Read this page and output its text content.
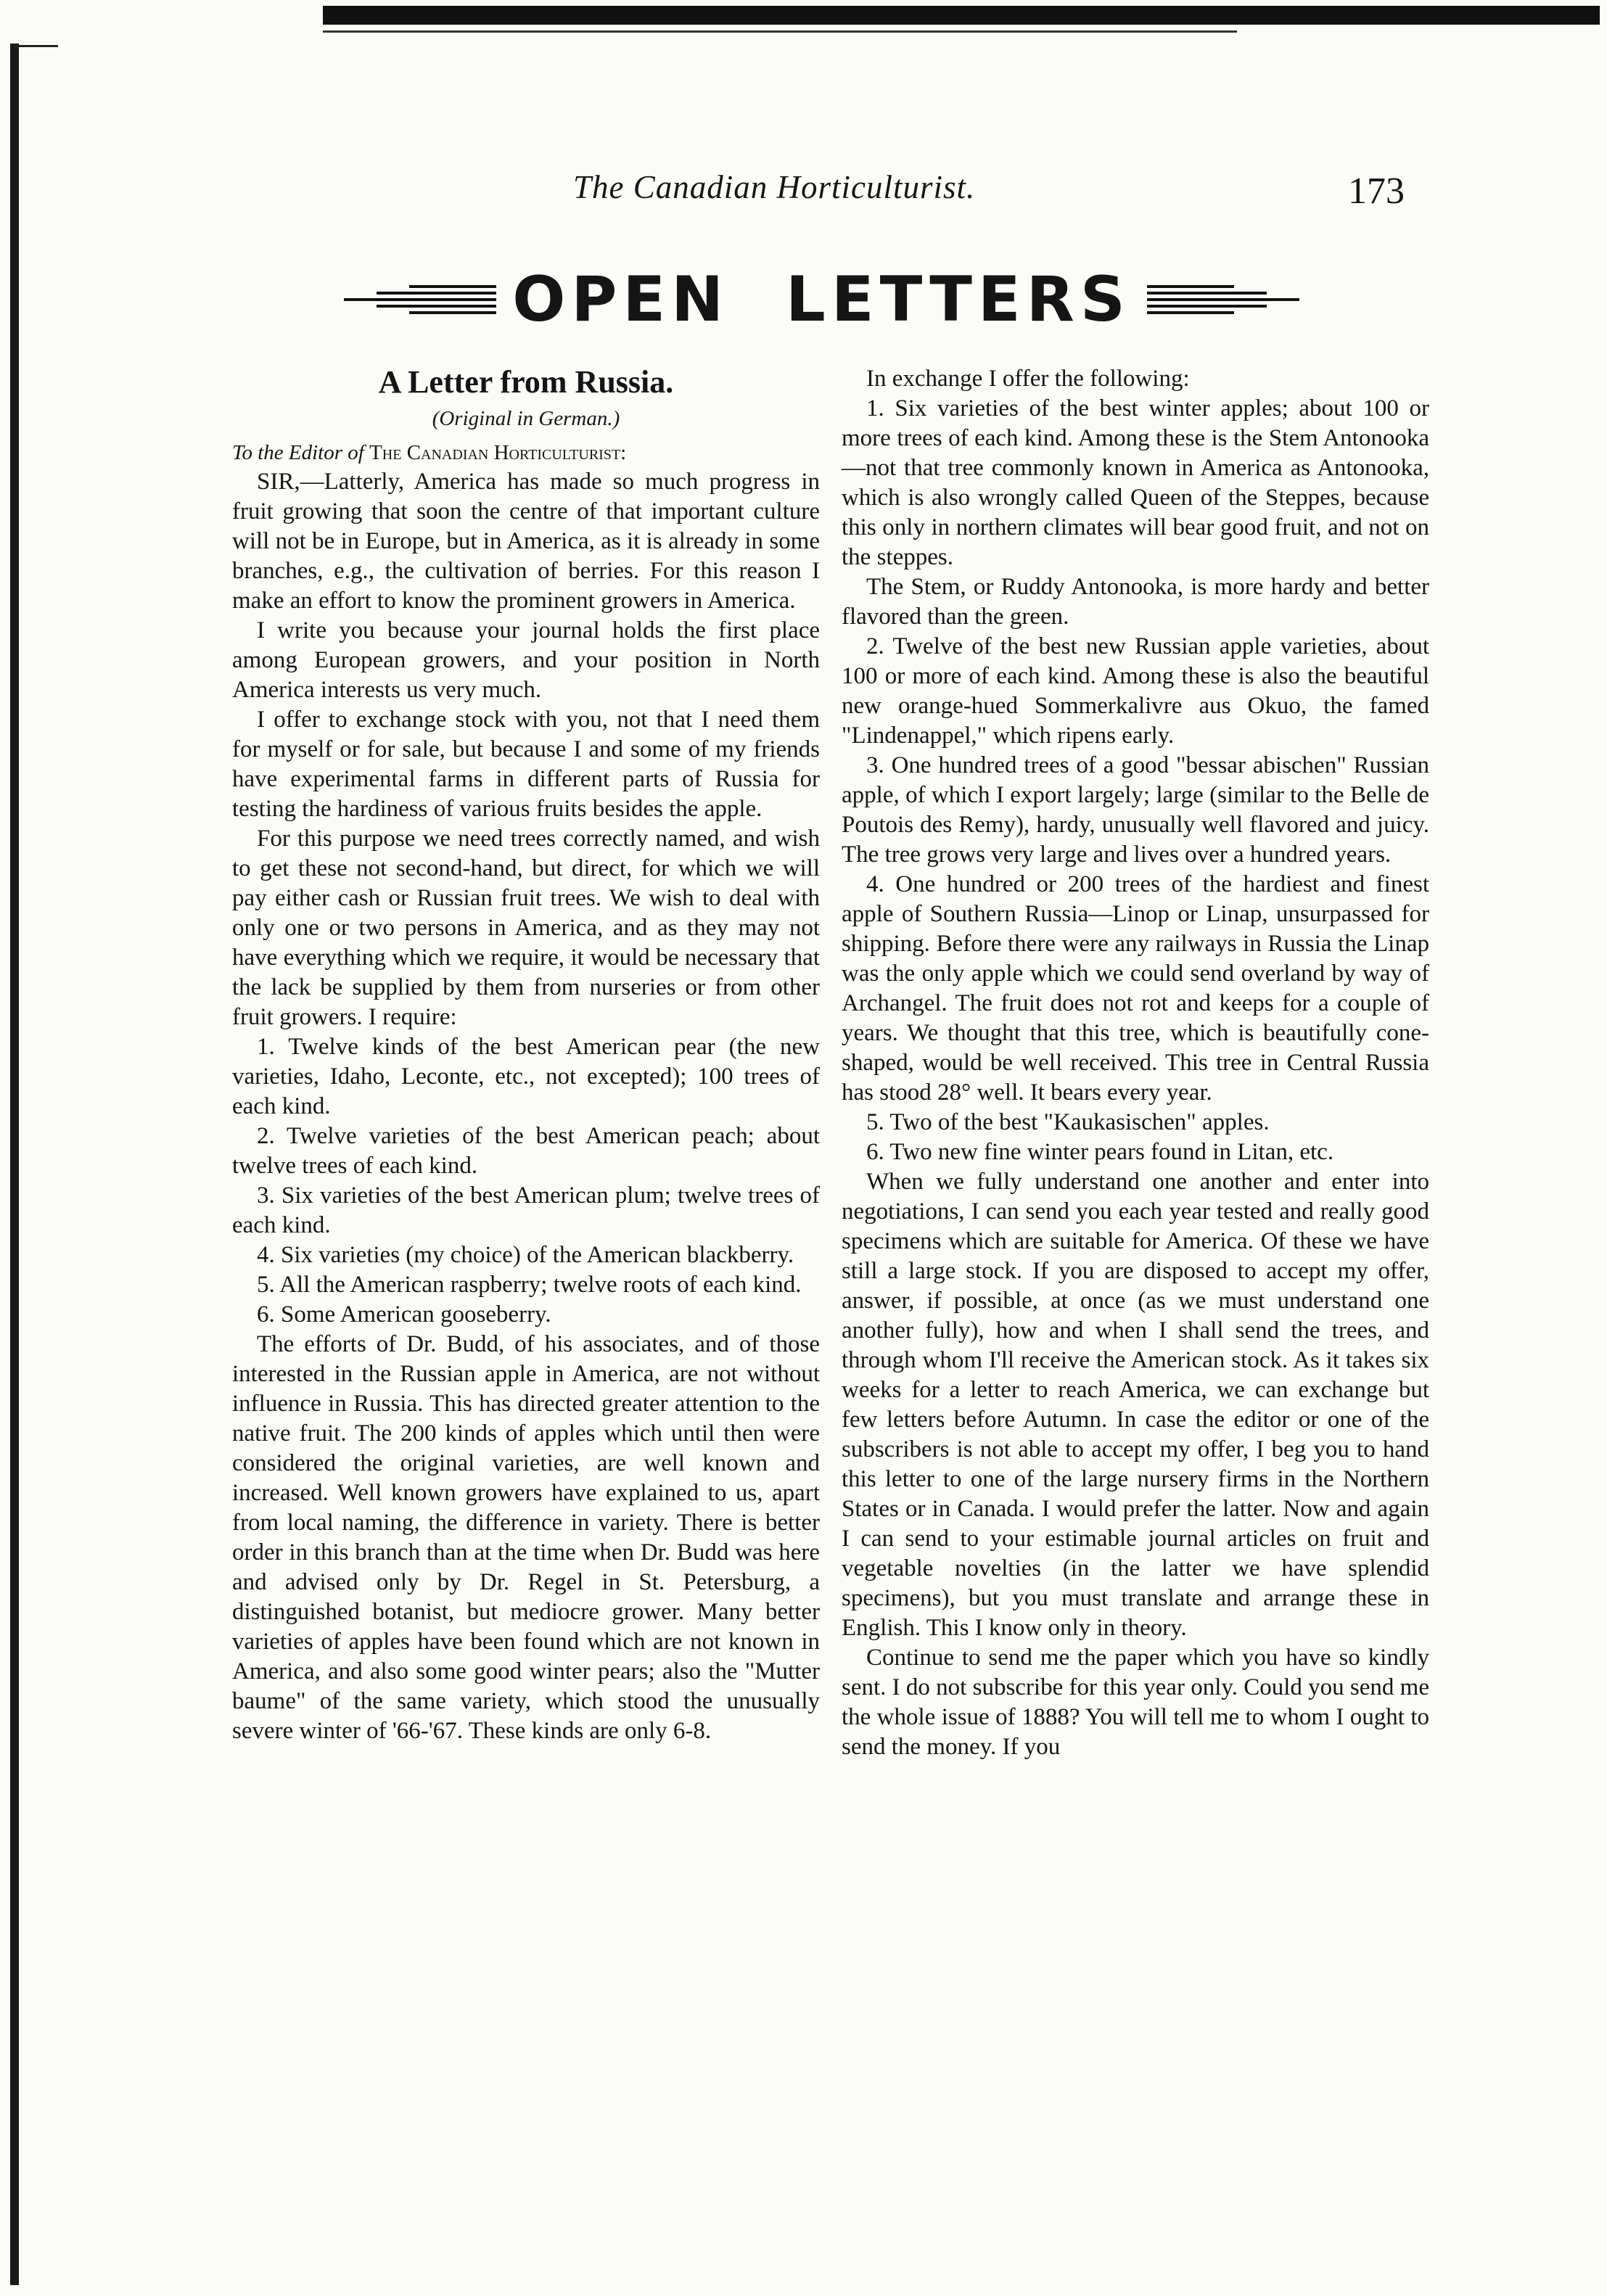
The Canadian Horticulturist.	173
OPEN LETTERS
A Letter from Russia.
(Original in German.)
To the Editor of The Canadian Horticulturist:

SIR,—Latterly, America has made so much progress in fruit growing that soon the centre of that important culture will not be in Europe, but in America, as it is already in some branches, e.g., the cultivation of berries. For this reason I make an effort to know the prominent growers in America.

I write you because your journal holds the first place among European growers, and your position in North America interests us very much.

I offer to exchange stock with you, not that I need them for myself or for sale, but because I and some of my friends have experimental farms in different parts of Russia for testing the hardiness of various fruits besides the apple.

For this purpose we need trees correctly named, and wish to get these not second-hand, but direct, for which we will pay either cash or Russian fruit trees. We wish to deal with only one or two persons in America, and as they may not have everything which we require, it would be necessary that the lack be supplied by them from nurseries or from other fruit growers. I require:

1. Twelve kinds of the best American pear (the new varieties, Idaho, Leconte, etc., not excepted); 100 trees of each kind.

2. Twelve varieties of the best American peach; about twelve trees of each kind.

3. Six varieties of the best American plum; twelve trees of each kind.

4. Six varieties (my choice) of the American blackberry.

5. All the American raspberry; twelve roots of each kind.

6. Some American gooseberry.

The efforts of Dr. Budd, of his associates, and of those interested in the Russian apple in America, are not without influence in Russia. This has directed greater attention to the native fruit. The 200 kinds of apples which until then were considered the original varieties, are well known and increased. Well known growers have explained to us, apart from local naming, the difference in variety. There is better order in this branch than at the time when Dr. Budd was here and advised only by Dr. Regel in St. Petersburg, a distinguished botanist, but mediocre grower. Many better varieties of apples have been found which are not known in America, and also some good winter pears; also the "Mutter baume" of the same variety, which stood the unusually severe winter of '66-'67. These kinds are only 6-8.

In exchange I offer the following:

1. Six varieties of the best winter apples; about 100 or more trees of each kind. Among these is the Stem Antonooka—not that tree commonly known in America as Antonooka, which is also wrongly called Queen of the Steppes, because this only in northern climates will bear good fruit, and not on the steppes.

The Stem, or Ruddy Antonooka, is more hardy and better flavored than the green.

2. Twelve of the best new Russian apple varieties, about 100 or more of each kind. Among these is also the beautiful new orange-hued Sommerkalivre aus Okuo, the famed "Lindenappel," which ripens early.

3. One hundred trees of a good "bessar abischen" Russian apple, of which I export largely; large (similar to the Belle de Poutois des Remy), hardy, unusually well flavored and juicy. The tree grows very large and lives over a hundred years.

4. One hundred or 200 trees of the hardiest and finest apple of Southern Russia—Linop or Linap, unsurpassed for shipping. Before there were any railways in Russia the Linap was the only apple which we could send overland by way of Archangel. The fruit does not rot and keeps for a couple of years. We thought that this tree, which is beautifully cone-shaped, would be well received. This tree in Central Russia has stood 28° well. It bears every year.

5. Two of the best "Kaukasischen" apples.

6. Two new fine winter pears found in Litan, etc.

When we fully understand one another and enter into negotiations, I can send you each year tested and really good specimens which are suitable for America. Of these we have still a large stock. If you are disposed to accept my offer, answer, if possible, at once (as we must understand one another fully), how and when I shall send the trees, and through whom I'll receive the American stock. As it takes six weeks for a letter to reach America, we can exchange but few letters before Autumn. In case the editor or one of the subscribers is not able to accept my offer, I beg you to hand this letter to one of the large nursery firms in the Northern States or in Canada. I would prefer the latter. Now and again I can send to your estimable journal articles on fruit and vegetable novelties (in the latter we have splendid specimens), but you must translate and arrange these in English. This I know only in theory.

Continue to send me the paper which you have so kindly sent. I do not subscribe for this year only. Could you send me the whole issue of 1888? You will tell me to whom I ought to send the money. If you
